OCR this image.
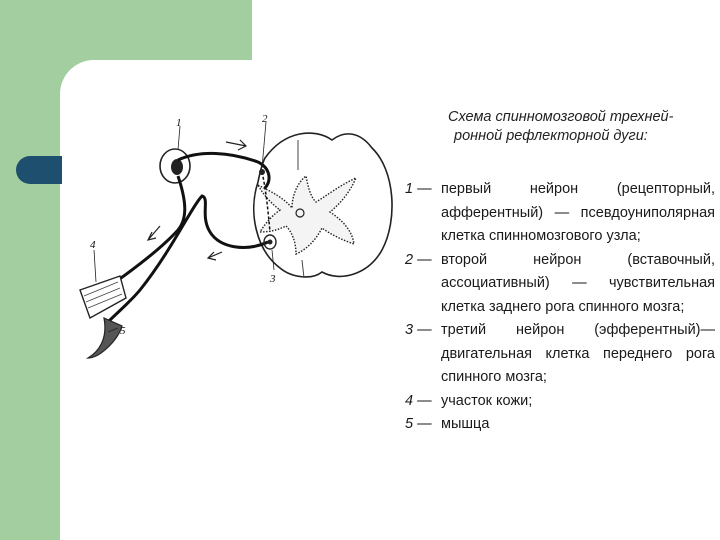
1	2
3
4
5
Схема спинномозговой трехней-
ронной рефлекторной дуги:
1 — первый нейрон (рецепторный, афферентный) — псевдоуниполярная клетка спинномозгового узла;
2 — второй нейрон (вставочный, ассоциативный) — чувствительная клетка заднего рога спинного мозга;
3 — третий нейрон (эфферентный)— двигательная клетка переднего рога спинного мозга;
4 — участок кожи;
5 — мышца
